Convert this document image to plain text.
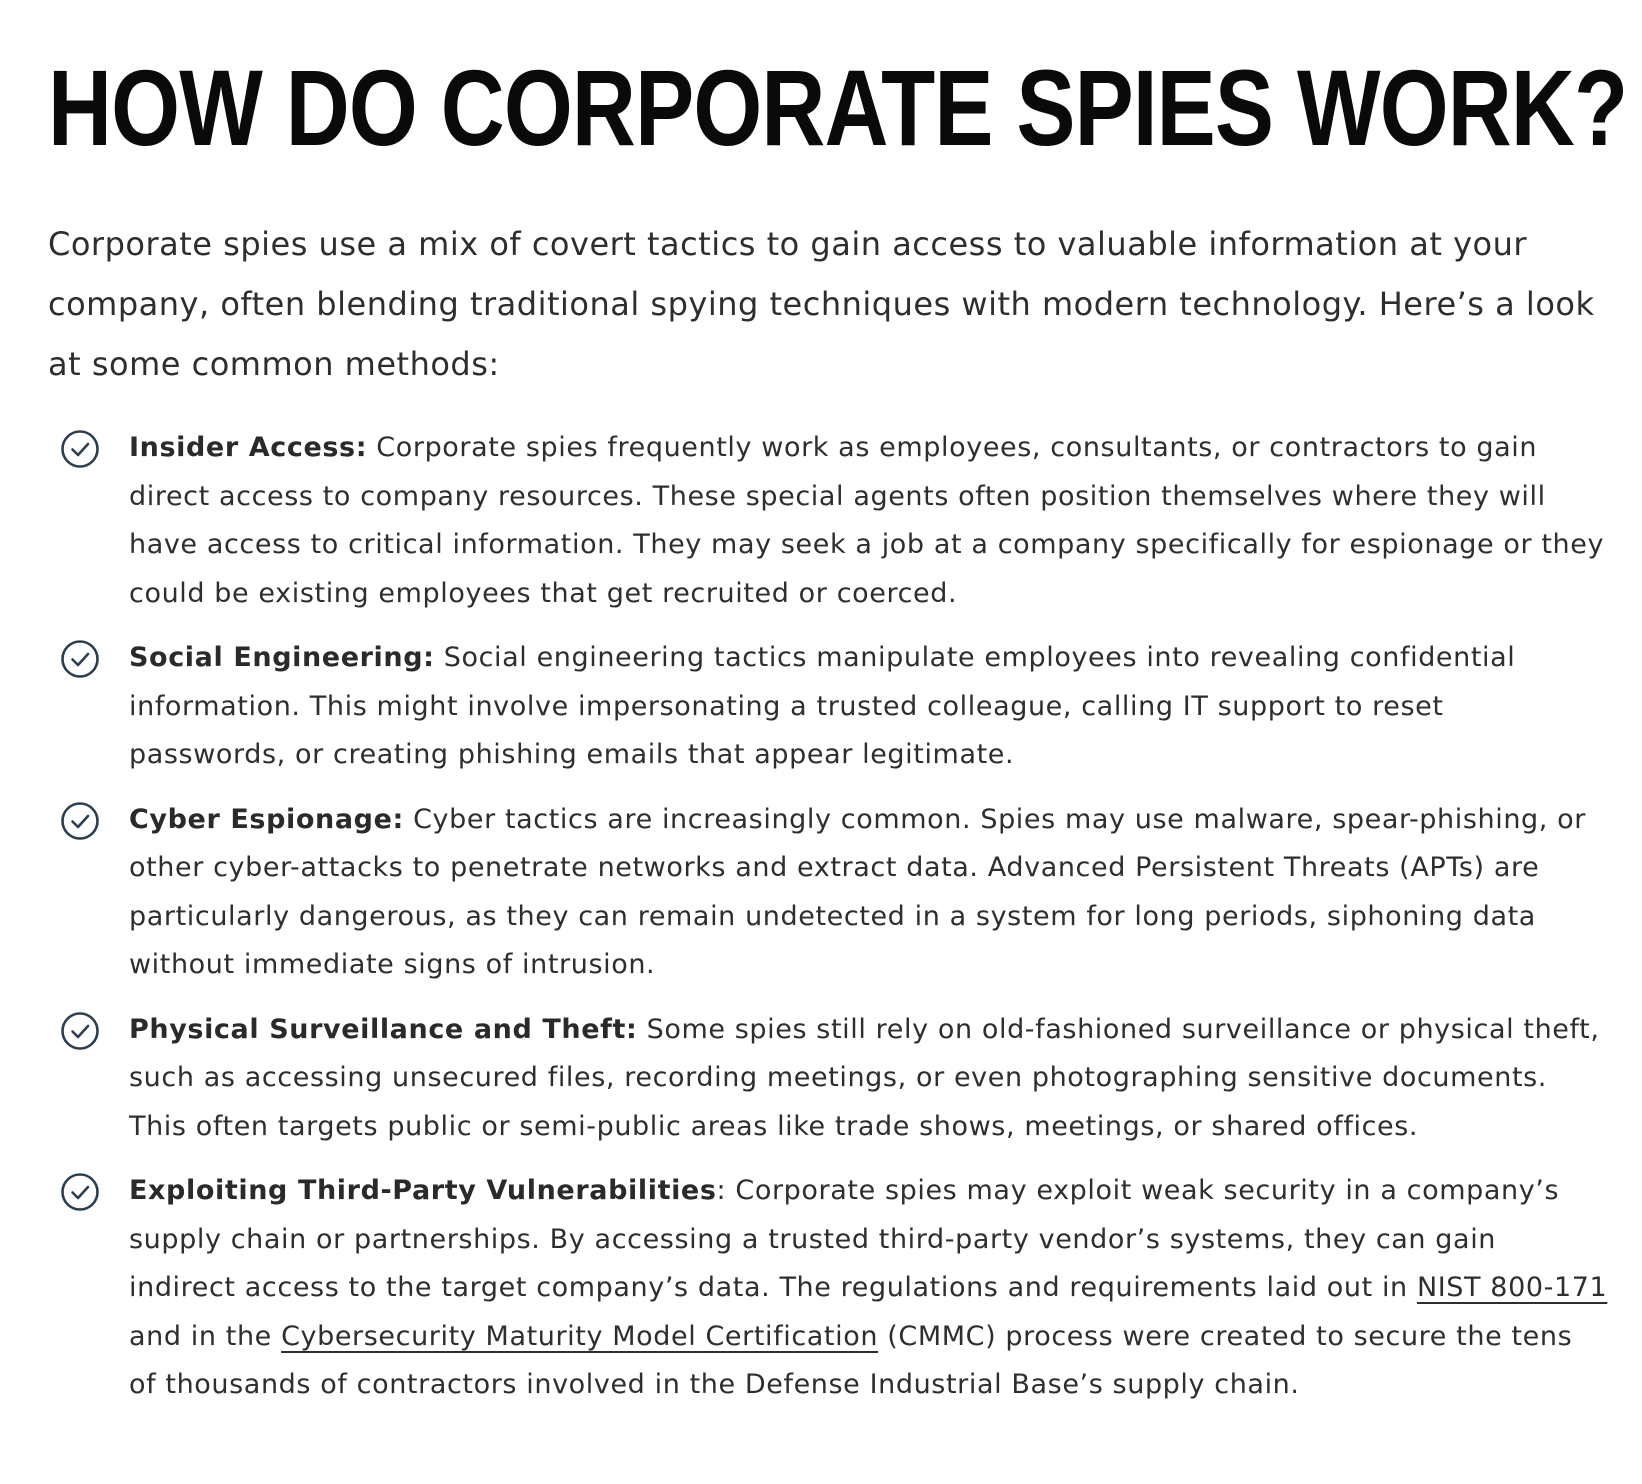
HOW DO CORPORATE SPIES WORK?

Corporate spies use a mix of covert tactics to gain access to valuable information at your company, often blending traditional spying techniques with modern technology. Here’s a look at some common methods:

Insider Access: Corporate spies frequently work as employees, consultants, or contractors to gain direct access to company resources. These special agents often position themselves where they will have access to critical information. They may seek a job at a company specifically for espionage or they could be existing employees that get recruited or coerced.
Social Engineering: Social engineering tactics manipulate employees into revealing confidential information. This might involve impersonating a trusted colleague, calling IT support to reset passwords, or creating phishing emails that appear legitimate.
Cyber Espionage: Cyber tactics are increasingly common. Spies may use malware, spear-phishing, or other cyber-attacks to penetrate networks and extract data. Advanced Persistent Threats (APTs) are particularly dangerous, as they can remain undetected in a system for long periods, siphoning data without immediate signs of intrusion.
Physical Surveillance and Theft: Some spies still rely on old-fashioned surveillance or physical theft, such as accessing unsecured files, recording meetings, or even photographing sensitive documents. This often targets public or semi-public areas like trade shows, meetings, or shared offices.
Exploiting Third-Party Vulnerabilities: Corporate spies may exploit weak security in a company’s supply chain or partnerships. By accessing a trusted third-party vendor’s systems, they can gain indirect access to the target company’s data. The regulations and requirements laid out in NIST 800-171 and in the Cybersecurity Maturity Model Certification (CMMC) process were created to secure the tens of thousands of contractors involved in the Defense Industrial Base’s supply chain.
